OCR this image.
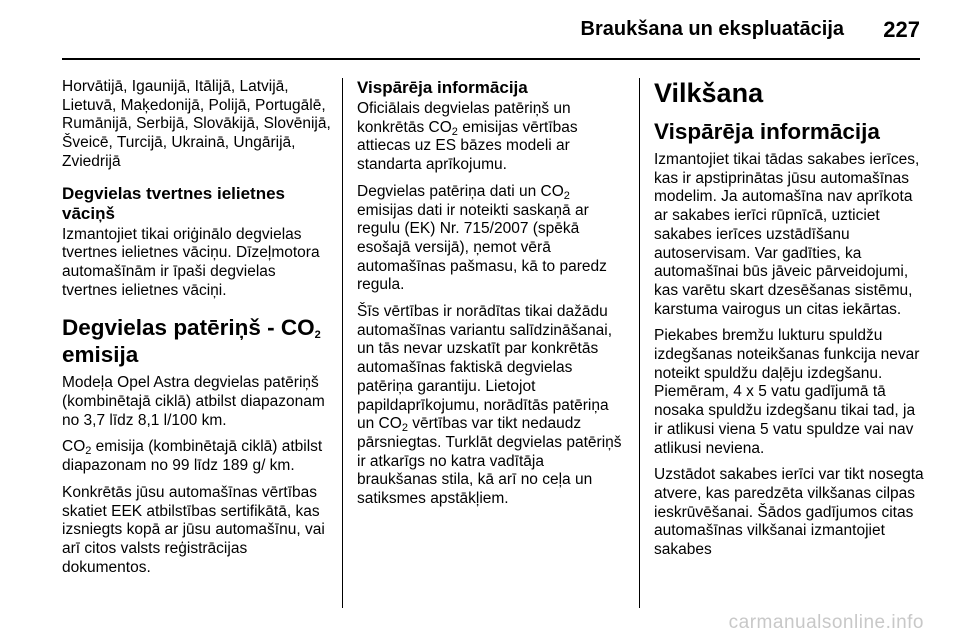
Braukšana un ekspluatācija 227

Horvātijā, Igaunijā, Itālijā, Latvijā, Lietuvā, Maķedonijā, Polijā, Portugālē, Rumānijā, Serbijā, Slovākijā, Slovēnijā, Šveicē, Turcijā, Ukrainā, Ungārijā, Zviedrijā

Degvielas tvertnes ielietnes vāciņš

Izmantojiet tikai oriģinālo degvielas tvertnes ielietnes vāciņu. Dīzeļmotora automašīnām ir īpaši degvielas tvertnes ielietnes vāciņi.

Degvielas patēriņš - $CO_2$
emisija

Modeļa Opel Astra degvielas patēriņš (kombinētajā ciklā) atbilst diapazonam no 3,7 līdz 8,1 l/100 km.

$CO_2$ emisija (kombinētajā ciklā) atbilst diapazonam no 99 līdz 189 g/ km.

Konkrētās jūsu automašīnas vērtības skatiet EEK atbilstības sertifikātā, kas izsniegts kopā ar jūsu automašīnu, vai arī citos valsts reģistrācijas dokumentos.

Vispārēja informācija

Oficiālais degvielas patēriņš un konkrētās $CO_2$ emisijas vērtības attiecas uz ES bāzes modeli ar standarta aprīkojumu.

Degvielas patēriņa dati un $CO_2$ emisijas dati ir noteikti saskaņā ar regulu (EK) Nr. 715/2007 (spēkā esošajā versijā), ņemot vērā automašīnas pašmasu, kā to paredz regula.

Šīs vērtības ir norādītas tikai dažādu automašīnas variantu salīdzināšanai, un tās nevar uzskatīt par konkrētās automašīnas faktiskā degvielas patēriņa garantiju. Lietojot papildaprīkojumu, norādītās patēriņa un $CO_2$ vērtības var tikt nedaudz pārsniegtas. Turklāt degvielas patēriņš ir atkarīgs no katra vadītāja braukšanas stila, kā arī no ceļa un satiksmes apstākļiem.

Vilkšana
Vispārēja informācija

Izmantojiet tikai tādas sakabes ierīces, kas ir apstiprinātas jūsu automašīnas modelim. Ja automašīna nav aprīkota ar sakabes ierīci rūpnīcā, uzticiet sakabes ierīces uzstādīšanu autoservisam. Var gadīties, ka automašīnai būs jāveic pārveidojumi, kas varētu skart dzesēšanas sistēmu, karstuma vairogus un citas iekārtas.

Piekabes bremžu lukturu spuldžu izdegšanas noteikšanas funkcija nevar noteikt spuldžu daļēju izdegšanu. Piemēram, 4 x 5 vatu gadījumā tā nosaka spuldžu izdegšanu tikai tad, ja ir atlikusi viena 5 vatu spuldze vai nav atlikusi neviena.

Uzstādot sakabes ierīci var tikt nosegta atvere, kas paredzēta vilkšanas cilpas ieskrūvēšanai. Šādos gadījumos citas automašīnas vilkšanai izmantojiet sakabes

carmanualsonline.info
